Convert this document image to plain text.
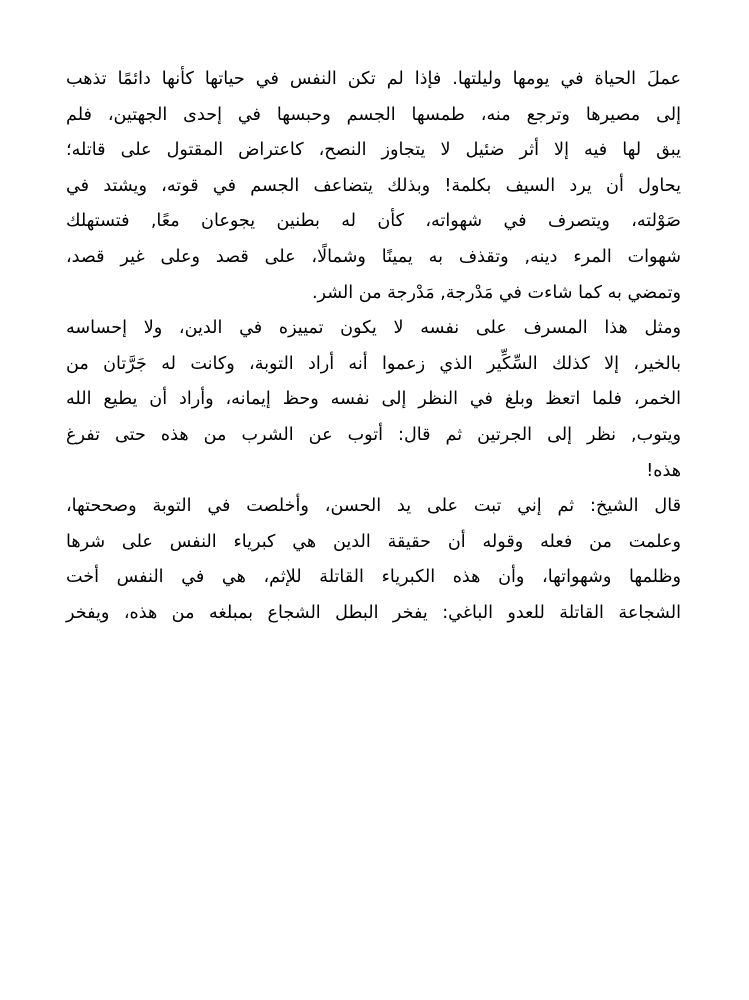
عملَ الحياة في يومها وليلتها. فإذا لم تكن النفس في حياتها كأنها دائمًا تذهب
إلى مصيرها وترجع منه، طمسها الجسم وحبسها في إحدى الجهتين، فلم
يبق لها فيه إلا أثر ضئيل لا يتجاوز النصح، كاعتراض المقتول على قاتله؛
يحاول أن يرد السيف بكلمة! وبذلك يتضاعف الجسم في قوته، ويشتد في
صَوْلته، ويتصرف في شهواته، كأن له بطنين يجوعان معًا, فتستهلك
شهوات المرء دينه, وتقذف به يمينًا وشمالًا، على قصد وعلى غير قصد،
وتمضي به كما شاءت في مَدْرجة, مَدْرجة من الشر.
ومثل هذا المسرف على نفسه لا يكون تمييزه في الدين، ولا إحساسه
بالخير، إلا كذلك السِّكِّير الذي زعموا أنه أراد التوبة، وكانت له جَرَّتان من
الخمر، فلما اتعظ وبلغ في النظر إلى نفسه وحظ إيمانه، وأراد أن يطيع الله
ويتوب, نظر إلى الجرتين ثم قال: أتوب عن الشرب من هذه حتى تفرغ
هذه!
قال الشيخ: ثم إني تبت على يد الحسن، وأخلصت في التوبة وصححتها،
وعلمت من فعله وقوله أن حقيقة الدين هي كبرياء النفس على شرها
وظلمها وشهواتها، وأن هذه الكبرياء القاتلة للإثم، هي في النفس أخت
الشجاعة القاتلة للعدو الباغي: يفخر البطل الشجاع بمبلغه من هذه، ويفخر
